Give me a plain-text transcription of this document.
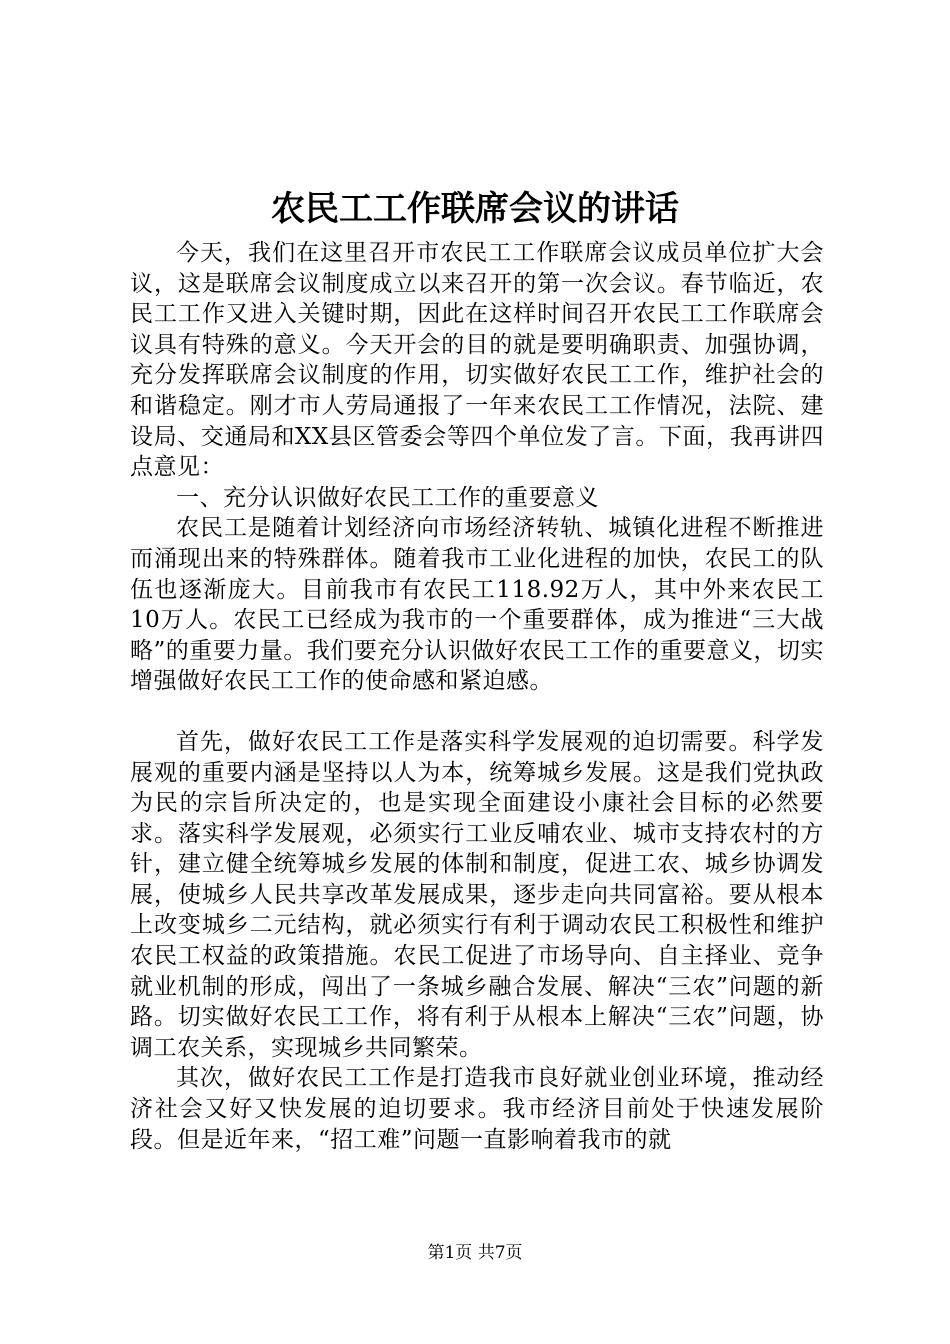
农民工工作联席会议的讲话

今天，我们在这里召开市农民工工作联席会议成员单位扩大会议，这是联席会议制度成立以来召开的第一次会议。春节临近，农民工工作又进入关键时期，因此在这样时间召开农民工工作联席会议具有特殊的意义。今天开会的目的就是要明确职责、加强协调，充分发挥联席会议制度的作用，切实做好农民工工作，维护社会的和谐稳定。刚才市人劳局通报了一年来农民工工作情况，法院、建设局、交通局和XX县区管委会等四个单位发了言。下面，我再讲四点意见：

一、充分认识做好农民工工作的重要意义

农民工是随着计划经济向市场经济转轨、城镇化进程不断推进而涌现出来的特殊群体。随着我市工业化进程的加快，农民工的队伍也逐渐庞大。目前我市有农民工118.92万人，其中外来农民工10万人。农民工已经成为我市的一个重要群体，成为推进“三大战略”的重要力量。我们要充分认识做好农民工工作的重要意义，切实增强做好农民工工作的使命感和紧迫感。

首先，做好农民工工作是落实科学发展观的迫切需要。科学发展观的重要内涵是坚持以人为本，统筹城乡发展。这是我们党执政为民的宗旨所决定的，也是实现全面建设小康社会目标的必然要求。落实科学发展观，必须实行工业反哺农业、城市支持农村的方针，建立健全统筹城乡发展的体制和制度，促进工农、城乡协调发展，使城乡人民共享改革发展成果，逐步走向共同富裕。要从根本上改变城乡二元结构，就必须实行有利于调动农民工积极性和维护农民工权益的政策措施。农民工促进了市场导向、自主择业、竞争就业机制的形成，闯出了一条城乡融合发展、解决“三农”问题的新路。切实做好农民工工作，将有利于从根本上解决“三农”问题，协调工农关系，实现城乡共同繁荣。

其次，做好农民工工作是打造我市良好就业创业环境，推动经济社会又好又快发展的迫切要求。我市经济目前处于快速发展阶段。但是近年来，“招工难”问题一直影响着我市的就

第1页 共7页
